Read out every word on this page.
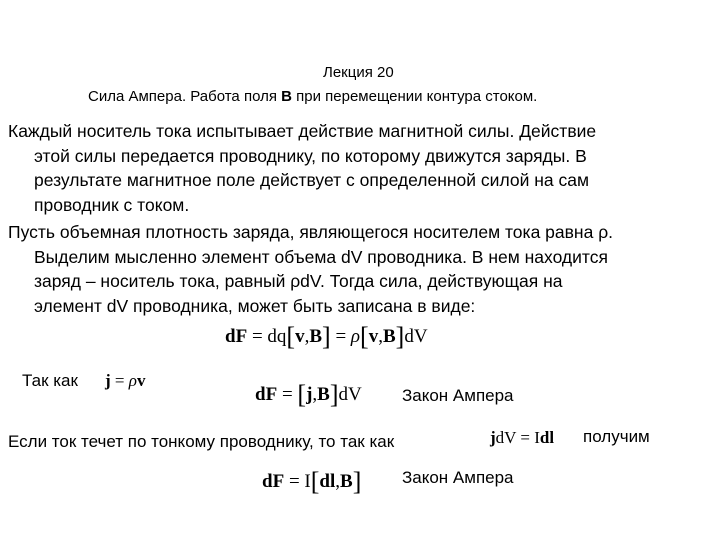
Лекция 20
Сила Ампера. Работа поля B при перемещении контура стоком.
Каждый носитель тока испытывает действие магнитной силы. Действие
этой силы передается проводнику, по которому движутся заряды. В
результате магнитное поле действует с определенной силой на сам
проводник с током.
Пусть объемная плотность заряда, являющегося носителем тока равна ρ.
Выделим мысленно элемент объема dV проводника. В нем находится
заряд – носитель тока, равный ρdV. Тогда сила, действующая на
элемент dV проводника, может быть записана в виде:
dF = dq[v,B] = ρ[v,B]dV
Так как j = ρv
dF = [j,B]dV Закон Ампера
Если ток течет по тонкому проводнику, то так как	jdV = Idl получим
dF = I[dl,B] Закон Ампера
